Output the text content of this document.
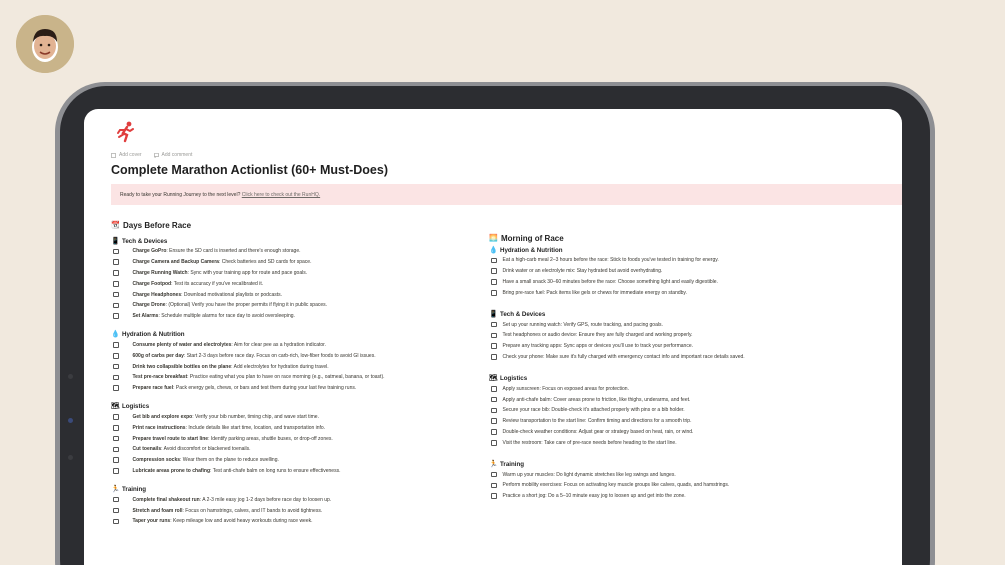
Add cover	Add comment
Complete Marathon Actionlist (60+ Must-Does)
Ready to take your Running Journey to the next level? Click here to check out the RunHQ.
📆 Days Before Race
📱 Tech & Devices
Charge GoPro: Ensure the SD card is inserted and there's enough storage.
Charge Camera and Backup Camera: Check batteries and SD cards for space.
Charge Running Watch: Sync with your training app for route and pace goals.
Charge Footpod: Test its accuracy if you've recalibrated it.
Charge Headphones: Download motivational playlists or podcasts.
Charge Drone: (Optional) Verify you have the proper permits if flying it in public spaces.
Set Alarms: Schedule multiple alarms for race day to avoid oversleeping.
💧 Hydration & Nutrition
Consume plenty of water and electrolytes: Aim for clear pee as a hydration indicator.
600g of carbs per day: Start 2-3 days before race day. Focus on carb-rich, low-fiber foods to avoid GI issues.
Drink two collapsible bottles on the plane: Add electrolytes for hydration during travel.
Test pre-race breakfast: Practice eating what you plan to have on race morning (e.g., oatmeal, banana, or toast).
Prepare race fuel: Pack energy gels, chews, or bars and test them during your last few training runs.
🗺 Logistics
Get bib and explore expo: Verify your bib number, timing chip, and wave start time.
Print race instructions: Include details like start time, location, and transportation info.
Prepare travel route to start line: Identify parking areas, shuttle buses, or drop-off zones.
Cut toenails: Avoid discomfort or blackened toenails.
Compression socks: Wear them on the plane to reduce swelling.
Lubricate areas prone to chafing: Test anti-chafe balm on long runs to ensure effectiveness.
🏃 Training
Complete final shakeout run: A 2-3 mile easy jog 1-2 days before race day to loosen up.
Stretch and foam roll: Focus on hamstrings, calves, and IT bands to avoid tightness.
Taper your runs: Keep mileage low and avoid heavy workouts during race week.
🌅 Morning of Race
💧 Hydration & Nutrition
Eat a high-carb meal 2–3 hours before the race: Stick to foods you've tested in training for energy.
Drink water or an electrolyte mix: Stay hydrated but avoid overhydrating.
Have a small snack 30–60 minutes before the race: Choose something light and easily digestible.
Bring pre-race fuel: Pack items like gels or chews for immediate energy on standby.
📱 Tech & Devices
Set up your running watch: Verify GPS, route tracking, and pacing goals.
Test headphones or audio device: Ensure they are fully charged and working properly.
Prepare any tracking apps: Sync apps or devices you'll use to track your performance.
Check your phone: Make sure it's fully charged with emergency contact info and important race details saved.
🗺 Logistics
Apply sunscreen: Focus on exposed areas for protection.
Apply anti-chafe balm: Cover areas prone to friction, like thighs, underarms, and feet.
Secure your race bib: Double-check it's attached properly with pins or a bib holder.
Review transportation to the start line: Confirm timing and directions for a smooth trip.
Double-check weather conditions: Adjust gear or strategy based on heat, rain, or wind.
Visit the restroom: Take care of pre-race needs before heading to the start line.
🏃 Training
Warm up your muscles: Do light dynamic stretches like leg swings and lunges.
Perform mobility exercises: Focus on activating key muscle groups like calves, quads, and hamstrings.
Practice a short jog: Do a 5–10 minute easy jog to loosen up and get into the zone.
